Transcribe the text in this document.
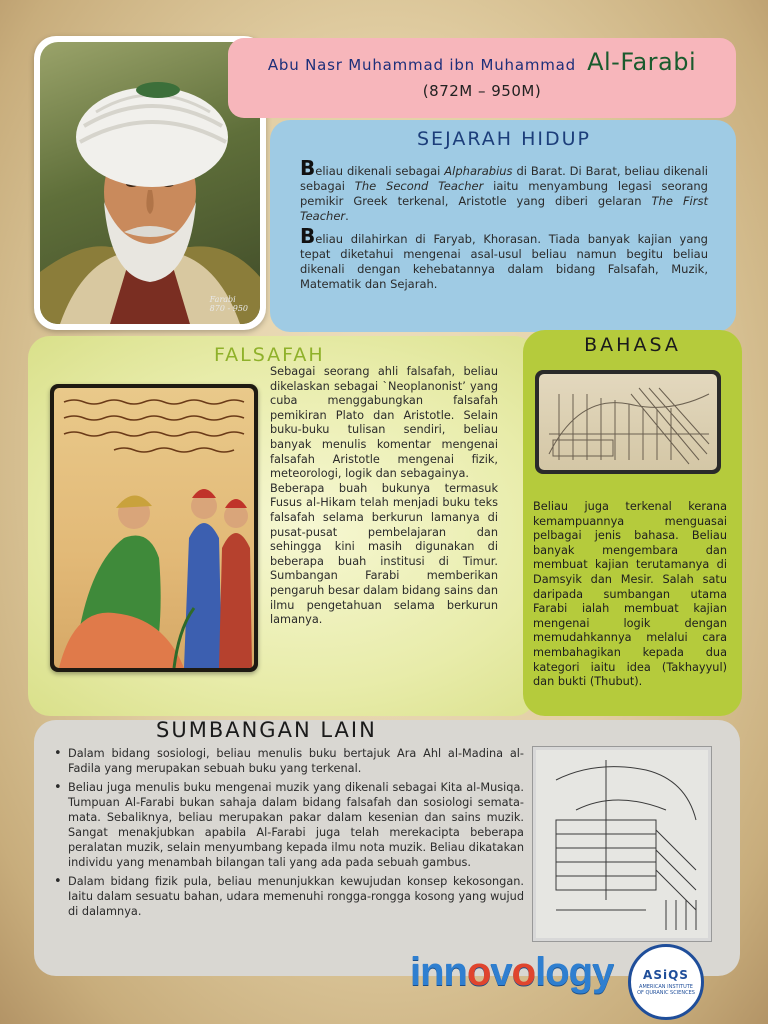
Farabi
870 - 950
Abu Nasr Muhammad ibn Muhammad Al-Farabi
(872M – 950M)
SEJARAH HIDUP

Beliau dikenali sebagai Alpharabius di Barat. Di Barat, beliau dikenali sebagai The Second Teacher iaitu menyambung legasi seorang pemikir Greek terkenal, Aristotle yang diberi gelaran The First Teacher.

Beliau dilahirkan di Faryab, Khorasan. Tiada banyak kajian yang tepat diketahui mengenai asal-usul beliau namun begitu beliau dikenali dengan kehebatannya dalam bidang Falsafah, Muzik, Matematik dan Sejarah.

FALSAFAH

Sebagai seorang ahli falsafah, beliau dikelaskan sebagai `Neoplanonist’ yang cuba menggabungkan falsafah pemikiran Plato dan Aristotle. Selain buku-buku tulisan sendiri, beliau banyak menulis komentar mengenai falsafah Aristotle mengenai fizik, meteorologi, logik dan sebagainya.

Beberapa buah bukunya termasuk Fusus al-Hikam telah menjadi buku teks falsafah selama berkurun lamanya di pusat-pusat pembelajaran dan sehingga kini masih digunakan di beberapa buah institusi di Timur. Sumbangan Farabi memberikan pengaruh besar dalam bidang sains dan ilmu pengetahuan selama berkurun lamanya.

BAHASA
Beliau juga terkenal kerana kemampuannya menguasai pelbagai jenis bahasa. Beliau banyak mengembara dan membuat kajian terutamanya di Damsyik dan Mesir. Salah satu daripada sumbangan utama Farabi ialah membuat kajian mengenai logik dengan memudahkannya melalui cara membahagikan kepada dua kategori iaitu idea (Takhayyul) dan bukti (Thubut).
SUMBANGAN LAIN
• Dalam bidang sosiologi, beliau menulis buku bertajuk Ara Ahl al-Madina al-Fadila yang merupakan sebuah buku yang terkenal.
• Beliau juga menulis buku mengenai muzik yang dikenali sebagai Kita al-Musiqa. Tumpuan Al-Farabi bukan sahaja dalam bidang falsafah dan sosiologi semata-mata. Sebaliknya, beliau merupakan pakar dalam kesenian dan sains muzik. Sangat menakjubkan apabila Al-Farabi juga telah merekacipta beberapa peralatan muzik, selain menyumbang kepada ilmu nota muzik. Beliau dikatakan individu yang menambah bilangan tali yang ada pada sebuah gambus.
• Dalam bidang fizik pula, beliau menunjukkan kewujudan konsep kekosongan. Iaitu dalam sesuatu bahan, udara memenuhi rongga-rongga kosong yang wujud di dalamnya.
innovology ASiQS
AMERICAN INSTITUTE OF QURANIC SCIENCES
